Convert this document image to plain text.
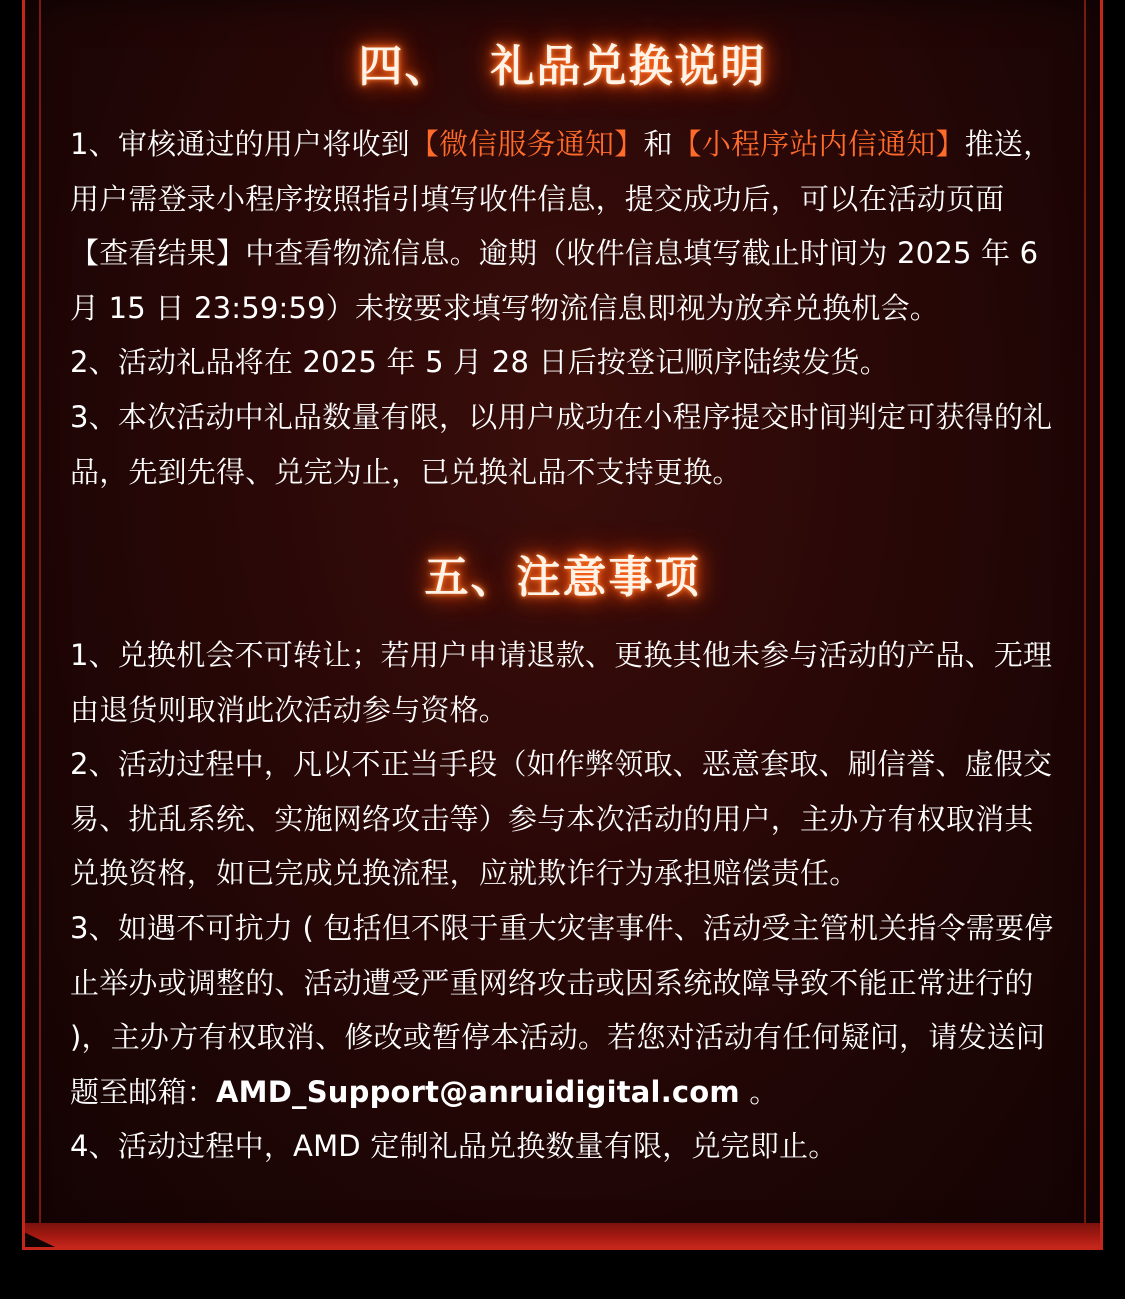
四、 礼品兑换说明

1、审核通过的用户将收到【微信服务通知】和【小程序站内信通知】推送，用户需登录小程序按照指引填写收件信息，提交成功后，可以在活动页面【查看结果】中查看物流信息。逾期（收件信息填写截止时间为 2025 年 6 月 15 日 23:59:59）未按要求填写物流信息即视为放弃兑换机会。

2、活动礼品将在 2025 年 5 月 28 日后按登记顺序陆续发货。

3、本次活动中礼品数量有限，以用户成功在小程序提交时间判定可获得的礼品，先到先得、兑完为止，已兑换礼品不支持更换。

五、注意事项

1、兑换机会不可转让；若用户申请退款、更换其他未参与活动的产品、无理由退货则取消此次活动参与资格。

2、活动过程中，凡以不正当手段（如作弊领取、恶意套取、刷信誉、虚假交易、扰乱系统、实施网络攻击等）参与本次活动的用户，主办方有权取消其兑换资格，如已完成兑换流程，应就欺诈行为承担赔偿责任。

3、如遇不可抗力 ( 包括但不限于重大灾害事件、活动受主管机关指令需要停止举办或调整的、活动遭受严重网络攻击或因系统故障导致不能正常进行的 )，主办方有权取消、修改或暂停本活动。若您对活动有任何疑问，请发送问题至邮箱：AMD_Support@anruidigital.com 。

4、活动过程中，AMD 定制礼品兑换数量有限，兑完即止。
